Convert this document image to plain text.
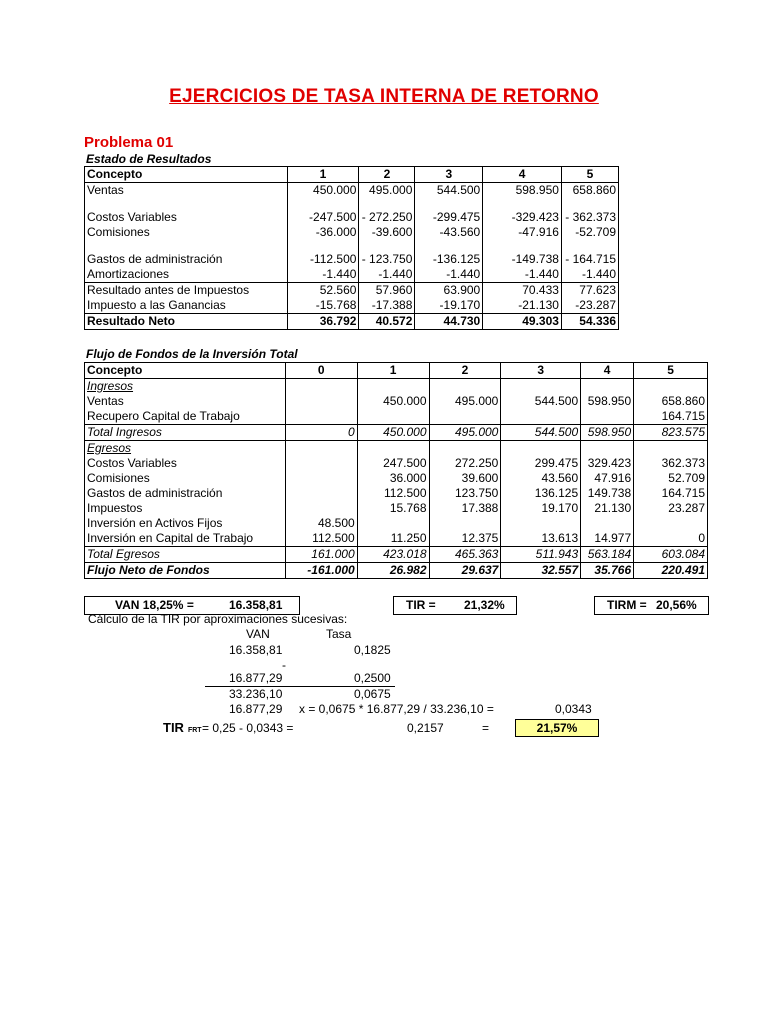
EJERCICIOS DE TASA INTERNA DE RETORNO
Problema 01
Estado de Resultados
Concepto	1	2	3	4	5
Ventas	450.000	495.000	544.500	598.950	658.860
Costos Variables	-247.500	- 272.250	-299.475	-329.423	- 362.373
Comisiones	-36.000	-39.600	-43.560	-47.916	-52.709
Gastos de administración	-112.500	- 123.750	-136.125	-149.738	- 164.715
Amortizaciones	-1.440	-1.440	-1.440	-1.440	-1.440
Resultado antes de Impuestos	52.560	57.960	63.900	70.433	77.623
Impuesto a las Ganancias	-15.768	-17.388	-19.170	-21.130	-23.287
Resultado Neto	36.792	40.572	44.730	49.303	54.336
Flujo de Fondos de la Inversión Total
Concepto	0	1	2	3	4	5
Ingresos						
Ventas		450.000	495.000	544.500	598.950	658.860
Recupero Capital de Trabajo						164.715
Total Ingresos	0	450.000	495.000	544.500	598.950	823.575
Egresos						
Costos Variables		247.500	272.250	299.475	329.423	362.373
Comisiones		36.000	39.600	43.560	47.916	52.709
Gastos de administración		112.500	123.750	136.125	149.738	164.715
Impuestos		15.768	17.388	19.170	21.130	23.287
Inversión en Activos Fijos	48.500					
Inversión en Capital de Trabajo	112.500	11.250	12.375	13.613	14.977	0
Total Egresos	161.000	423.018	465.363	511.943	563.184	603.084
Flujo Neto de Fondos	-161.000	26.982	29.637	32.557	35.766	220.491
VAN 18,25% =	16.358,81	TIR = 21,32%	TIRM = 20,56%
Cálculo de la TIR por aproximaciones sucesivas:
VAN	Tasa
16.358,81	0,1825
-
16.877,29	0,2500
33.236,10	0,0675
16.877,29 x = 0,0675 * 16.877,29 / 33.236,10 =	0,0343
TIR FRT = 0,25 - 0,0343 =	0,2157	=	21,57%
